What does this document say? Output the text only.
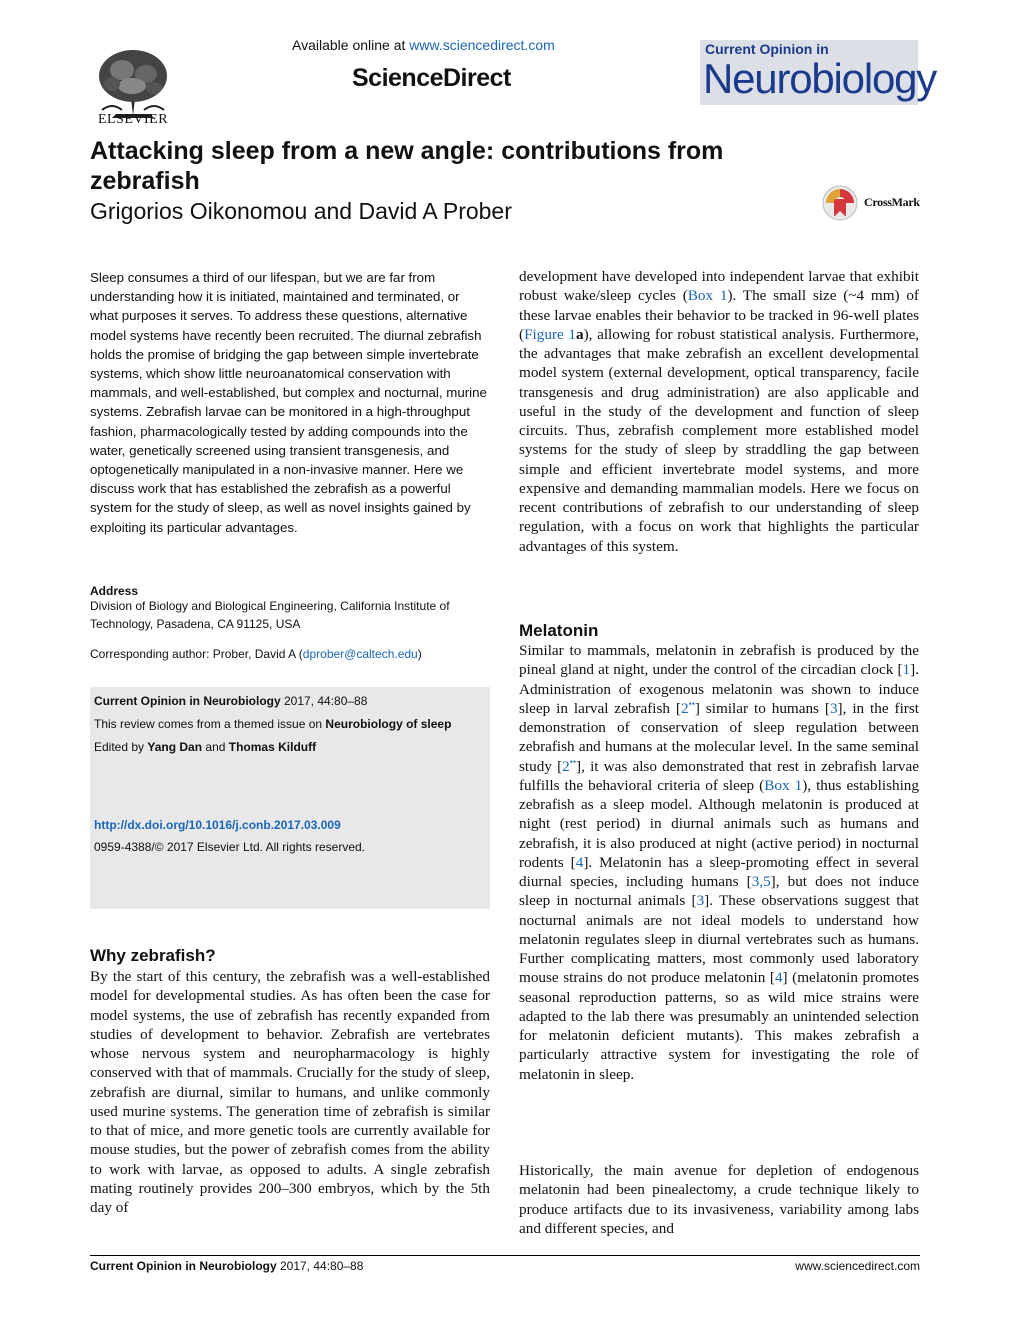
ELSEVIER
Available online at www.sciencedirect.com
ScienceDirect
Current Opinion in
Neurobiology
Attacking sleep from a new angle: contributions from zebrafish
Grigorios Oikonomou and David A Prober	CrossMark
Sleep consumes a third of our lifespan, but we are far from understanding how it is initiated, maintained and terminated, or what purposes it serves. To address these questions, alternative model systems have recently been recruited. The diurnal zebrafish holds the promise of bridging the gap between simple invertebrate systems, which show little neuroanatomical conservation with mammals, and well-established, but complex and nocturnal, murine systems. Zebrafish larvae can be monitored in a high-throughput fashion, pharmacologically tested by adding compounds into the water, genetically screened using transient transgenesis, and optogenetically manipulated in a non-invasive manner. Here we discuss work that has established the zebrafish as a powerful system for the study of sleep, as well as novel insights gained by exploiting its particular advantages.
Address
Division of Biology and Biological Engineering, California Institute of Technology, Pasadena, CA 91125, USA
Corresponding author: Prober, David A (dprober@caltech.edu)
Current Opinion in Neurobiology 2017, 44:80–88
This review comes from a themed issue on Neurobiology of sleep
Edited by Yang Dan and Thomas Kilduff
http://dx.doi.org/10.1016/j.conb.2017.03.009
0959-4388/© 2017 Elsevier Ltd. All rights reserved.
Why zebrafish?
By the start of this century, the zebrafish was a well-established model for developmental studies. As has often been the case for model systems, the use of zebrafish has recently expanded from studies of development to behavior. Zebrafish are vertebrates whose nervous system and neuropharmacology is highly conserved with that of mammals. Crucially for the study of sleep, zebrafish are diurnal, similar to humans, and unlike commonly used murine systems. The generation time of zebrafish is similar to that of mice, and more genetic tools are currently available for mouse studies, but the power of zebrafish comes from the ability to work with larvae, as opposed to adults. A single zebrafish mating routinely provides 200–300 embryos, which by the 5th day of
development have developed into independent larvae that exhibit robust wake/sleep cycles (Box 1). The small size (~4 mm) of these larvae enables their behavior to be tracked in 96-well plates (Figure 1a), allowing for robust statistical analysis. Furthermore, the advantages that make zebrafish an excellent developmental model system (external development, optical transparency, facile transgenesis and drug administration) are also applicable and useful in the study of the development and function of sleep circuits. Thus, zebrafish complement more established model systems for the study of sleep by straddling the gap between simple and efficient invertebrate model systems, and more expensive and demanding mammalian models. Here we focus on recent contributions of zebrafish to our understanding of sleep regulation, with a focus on work that highlights the particular advantages of this system.
Melatonin
Similar to mammals, melatonin in zebrafish is produced by the pineal gland at night, under the control of the circadian clock [1]. Administration of exogenous melatonin was shown to induce sleep in larval zebrafish [2••] similar to humans [3], in the first demonstration of conservation of sleep regulation between zebrafish and humans at the molecular level. In the same seminal study [2••], it was also demonstrated that rest in zebrafish larvae fulfills the behavioral criteria of sleep (Box 1), thus establishing zebrafish as a sleep model. Although melatonin is produced at night (rest period) in diurnal animals such as humans and zebrafish, it is also produced at night (active period) in nocturnal rodents [4]. Melatonin has a sleep-promoting effect in several diurnal species, including humans [3,5], but does not induce sleep in nocturnal animals [3]. These observations suggest that nocturnal animals are not ideal models to understand how melatonin regulates sleep in diurnal vertebrates such as humans. Further complicating matters, most commonly used laboratory mouse strains do not produce melatonin [4] (melatonin promotes seasonal reproduction patterns, so as wild mice strains were adapted to the lab there was presumably an unintended selection for melatonin deficient mutants). This makes zebrafish a particularly attractive system for investigating the role of melatonin in sleep.
Historically, the main avenue for depletion of endogenous melatonin had been pinealectomy, a crude technique likely to produce artifacts due to its invasiveness, variability among labs and different species, and
Current Opinion in Neurobiology 2017, 44:80–88	www.sciencedirect.com
